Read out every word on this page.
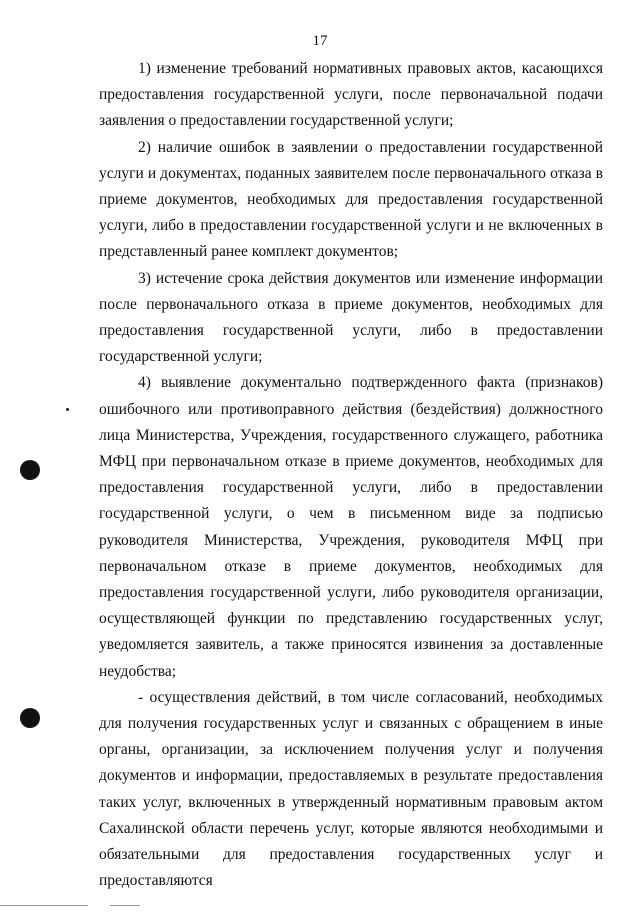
17

1) изменение требований нормативных правовых актов, касающихся предоставления государственной услуги, после первоначальной подачи заявления о предоставлении государственной услуги;

2) наличие ошибок в заявлении о предоставлении государственной услуги и документах, поданных заявителем после первоначального отказа в приеме документов, необходимых для предоставления государственной услуги, либо в предоставлении государственной услуги и не включенных в представленный ранее комплект документов;

3) истечение срока действия документов или изменение информации после первоначального отказа в приеме документов, необходимых для предоставления государственной услуги, либо в предоставлении государственной услуги;

4) выявление документально подтвержденного факта (признаков) ошибочного или противоправного действия (бездействия) должностного лица Министерства, Учреждения, государственного служащего, работника МФЦ при первоначальном отказе в приеме документов, необходимых для предоставления государственной услуги, либо в предоставлении государственной услуги, о чем в письменном виде за подписью руководителя Министерства, Учреждения, руководителя МФЦ при первоначальном отказе в приеме документов, необходимых для предоставления государственной услуги, либо руководителя организации, осуществляющей функции по представлению государственных услуг, уведомляется заявитель, а также приносятся извинения за доставленные неудобства;

- осуществления действий, в том числе согласований, необходимых для получения государственных услуг и связанных с обращением в иные органы, организации, за исключением получения услуг и получения документов и информации, предоставляемых в результате предоставления таких услуг, включенных в утвержденный нормативным правовым актом Сахалинской области перечень услуг, которые являются необходимыми и обязательными для предоставления государственных услуг и предоставляются
